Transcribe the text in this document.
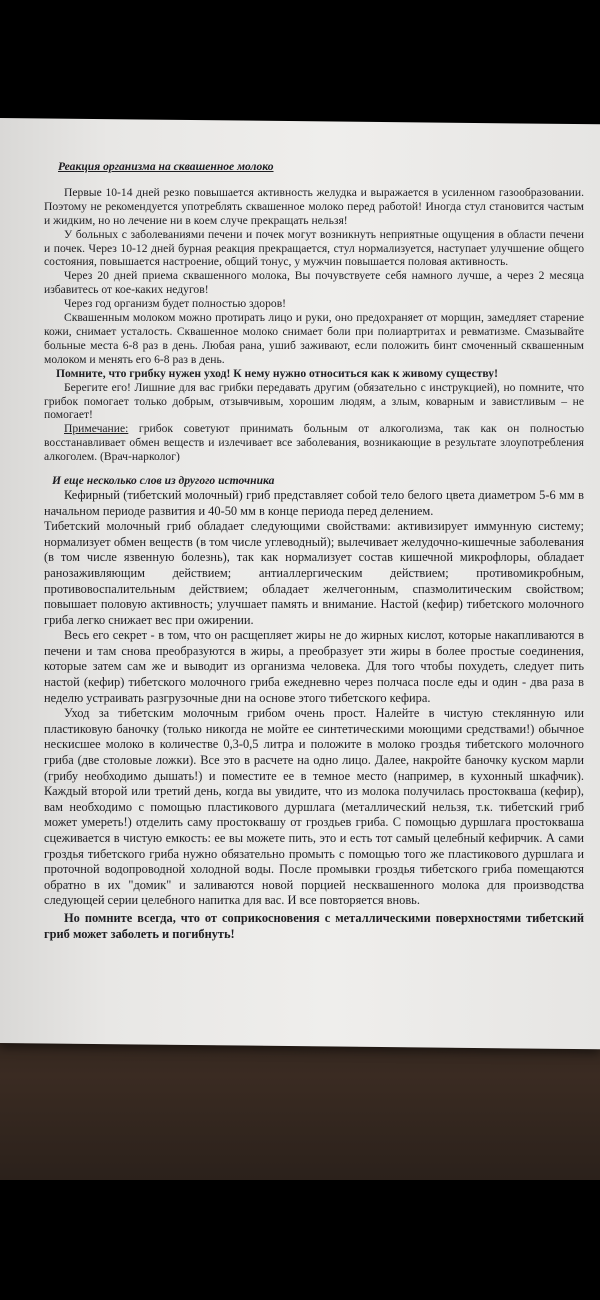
Реакция организма на сквашенное молоко

Первые 10-14 дней резко повышается активность желудка и выражается в усиленном газообразовании. Поэтому не рекомендуется употреблять сквашенное молоко перед работой! Иногда стул становится частым и жидким, но но лечение ни в коем случе прекращать нельзя!

У больных с заболеваниями печени и почек могут возникнуть неприятные ощущения в области печени и почек. Через 10-12 дней бурная реакция прекращается, стул нормализуется, наступает улучшение общего состояния, повышается настроение, общий тонус, у мужчин повышается половая активность.

Через 20 дней приема сквашенного молока, Вы почувствуете себя намного лучше, а через 2 месяца избавитесь от кое-каких недугов!

Через год организм будет полностью здоров!

Сквашенным молоком можно протирать лицо и руки, оно предохраняет от морщин, замедляет старение кожи, снимает усталость. Сквашенное молоко снимает боли при полиартритах и ревматизме. Смазывайте больные места 6-8 раз в день. Любая рана, ушиб заживают, если положить бинт смоченный сквашенным молоком и менять его 6-8 раз в день.

Помните, что грибку нужен уход! К нему нужно относиться как к живому существу!

Берегите его! Лишние для вас грибки передавать другим (обязательно с инструкцией), но помните, что грибок помогает только добрым, отзывчивым, хорошим людям, а злым, коварным и завистливым – не помогает!

Примечание: грибок советуют принимать больным от алкоголизма, так как он полностью восстанавливает обмен веществ и излечивает все заболевания, возникающие в результате злоупотребления алкоголем. (Врач-нарколог)

И еще несколько слов из другого источника

Кефирный (тибетский молочный) гриб представляет собой тело белого цвета диаметром 5-6 мм в начальном периоде развития и 40-50 мм в конце периода перед делением.

Тибетский молочный гриб обладает следующими свойствами: активизирует иммунную систему; нормализует обмен веществ (в том числе углеводный); вылечивает желудочно-кишечные заболевания (в том числе язвенную болезнь), так как нормализует состав кишечной микрофлоры, обладает ранозаживляющим действием; антиаллергическим действием; противомикробным, противовоспалительным действием; обладает желчегонным, спазмолитическим свойством; повышает половую активность; улучшает память и внимание. Настой (кефир) тибетского молочного гриба легко снижает вес при ожирении.

Весь его секрет - в том, что он расщепляет жиры не до жирных кислот, которые накапливаются в печени и там снова преобразуются в жиры, а преобразует эти жиры в более простые соединения, которые затем сам же и выводит из организма человека. Для того чтобы похудеть, следует пить настой (кефир) тибетского молочного гриба ежедневно через полчаса после еды и один - два раза в неделю устраивать разгрузочные дни на основе этого тибетского кефира.

Уход за тибетским молочным грибом очень прост. Налейте в чистую стеклянную или пластиковую баночку (только никогда не мойте ее синтетическими моющими средствами!) обычное нескисшее молоко в количестве 0,3-0,5 литра и положите в молоко гроздья тибетского молочного гриба (две столовые ложки). Все это в расчете на одно лицо. Далее, накройте баночку куском марли (грибу необходимо дышать!) и поместите ее в темное место (например, в кухонный шкафчик). Каждый второй или третий день, когда вы увидите, что из молока получилась простокваша (кефир), вам необходимо с помощью пластикового дуршлага (металлический нельзя, т.к. тибетский гриб может умереть!) отделить саму простоквашу от гроздьев гриба. С помощью дуршлага простокваша сцеживается в чистую емкость: ее вы можете пить, это и есть тот самый целебный кефирчик. А сами гроздья тибетского гриба нужно обязательно промыть с помощью того же пластикового дуршлага и проточной водопроводной холодной воды. После промывки гроздья тибетского гриба помещаются обратно в их "домик" и заливаются новой порцией несквашенного молока для производства следующей серии целебного напитка для вас. И все повторяется вновь.

Но помните всегда, что от соприкосновения с металлическими поверхностями тибетский гриб может заболеть и погибнуть!
